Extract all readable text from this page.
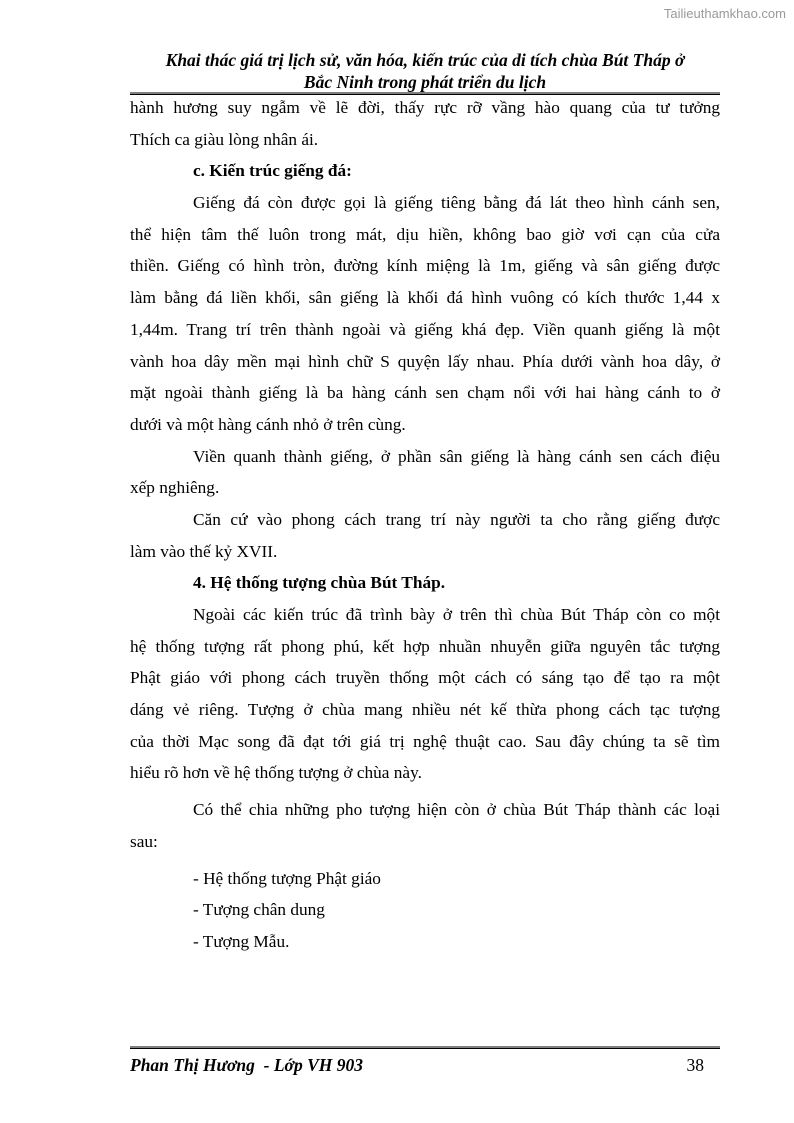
Tailieuthamkhao.com
Khai thác giá trị lịch sử, văn hóa, kiến trúc của di tích chùa Bút Tháp ở
Bắc Ninh trong phát triển du lịch
hành hương suy ngẫm về lẽ đời, thấy rực rỡ vầng hào quang của tư tưởng
Thích ca giàu lòng nhân ái.
c. Kiến trúc giếng đá:
Giếng đá còn được gọi là giếng tiêng bằng đá lát theo hình cánh sen,
thể hiện tâm thế luôn trong mát, dịu hiền, không bao giờ vơi cạn của cửa
thiền. Giếng có hình tròn, đường kính miệng là 1m, giếng và sân giếng được
làm bằng đá liền khối, sân giếng là khối đá hình vuông có kích thước 1,44 x
1,44m. Trang trí trên thành ngoài và giếng khá đẹp. Viền quanh giếng là một
vành hoa dây mền mại hình chữ S quyện lấy nhau. Phía dưới vành hoa dây, ở
mặt ngoài thành giếng là ba hàng cánh sen chạm nổi với hai hàng cánh to ở
dưới và một hàng cánh nhỏ ở trên cùng.
Viền quanh thành giếng, ở phần sân giếng là hàng cánh sen cách điệu
xếp nghiêng.
Căn cứ vào phong cách trang trí này người ta cho rằng giếng được
làm vào thế kỷ XVII.
4. Hệ thống tượng chùa Bút Tháp.
Ngoài các kiến trúc đã trình bày ở trên thì chùa Bút Tháp còn co một
hệ thống tượng rất phong phú, kết hợp nhuần nhuyễn giữa nguyên tắc tượng
Phật giáo với phong cách truyền thống một cách có sáng tạo để tạo ra một
dáng vẻ riêng. Tượng ở chùa mang nhiều nét kế thừa phong cách tạc tượng
của thời Mạc song đã đạt tới giá trị nghệ thuật cao. Sau đây chúng ta sẽ tìm
hiểu rõ hơn về hệ thống tượng ở chùa này.
Có thể chia những pho tượng hiện còn ở chùa Bút Tháp thành các loại
sau:
- Hệ thống tượng Phật giáo
- Tượng chân dung
- Tượng Mẫu.
Phan Thị Hương  - Lớp VH 903	38
